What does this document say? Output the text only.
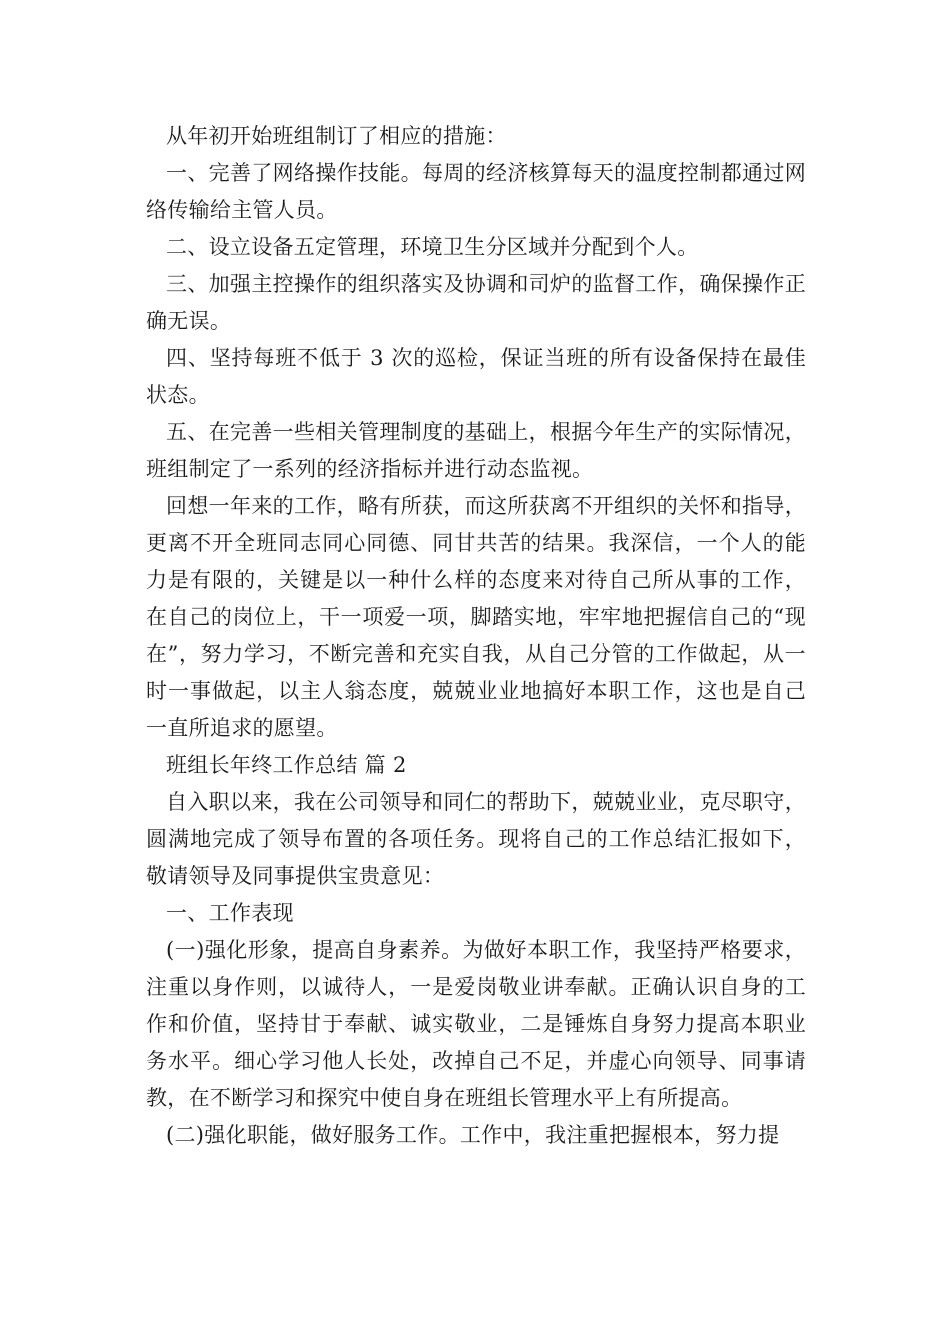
从年初开始班组制订了相应的措施：

一、完善了网络操作技能。每周的经济核算每天的温度控制都通过网络传输给主管人员。

二、设立设备五定管理，环境卫生分区域并分配到个人。

三、加强主控操作的组织落实及协调和司炉的监督工作，确保操作正确无误。

四、坚持每班不低于 3 次的巡检，保证当班的所有设备保持在最佳状态。

五、在完善一些相关管理制度的基础上，根据今年生产的实际情况，班组制定了一系列的经济指标并进行动态监视。

回想一年来的工作，略有所获，而这所获离不开组织的关怀和指导，更离不开全班同志同心同德、同甘共苦的结果。我深信，一个人的能力是有限的，关键是以一种什么样的态度来对待自己所从事的工作，在自己的岗位上，干一项爱一项，脚踏实地，牢牢地把握信自己的“现在”，努力学习，不断完善和充实自我，从自己分管的工作做起，从一时一事做起，以主人翁态度，兢兢业业地搞好本职工作，这也是自己一直所追求的愿望。

班组长年终工作总结 篇 2

自入职以来，我在公司领导和同仁的帮助下，兢兢业业，克尽职守，圆满地完成了领导布置的各项任务。现将自己的工作总结汇报如下，敬请领导及同事提供宝贵意见：

一、工作表现

(一)强化形象，提高自身素养。为做好本职工作，我坚持严格要求，注重以身作则，以诚待人，一是爱岗敬业讲奉献。正确认识自身的工作和价值，坚持甘于奉献、诚实敬业，二是锤炼自身努力提高本职业务水平。细心学习他人长处，改掉自己不足，并虚心向领导、同事请教，在不断学习和探究中使自身在班组长管理水平上有所提高。

(二)强化职能，做好服务工作。工作中，我注重把握根本，努力提
